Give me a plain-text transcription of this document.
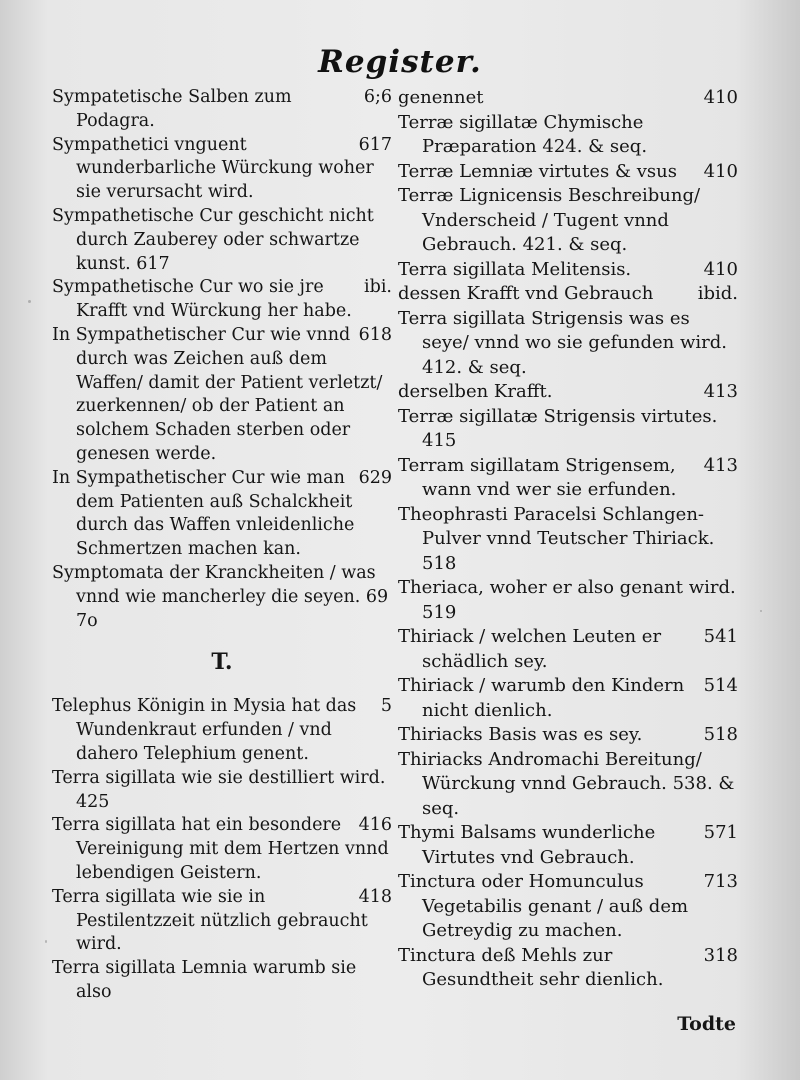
Register.

6;6
Sympatetische Salben zum Podagra.

617
Sympathetici vnguent wunderbarliche Würckung woher sie verursacht wird.

Sympathetische Cur geschicht nicht durch Zauberey oder schwartze kunst. 617

ibi.
Sympathetische Cur wo sie jre Krafft vnd Würckung her habe.

618
In Sympathetischer Cur wie vnnd durch was Zeichen auß dem Waffen/ damit der Patient verletzt/ zuerkennen/ ob der Patient an solchem Schaden sterben oder genesen werde.

629
In Sympathetischer Cur wie man dem Patienten auß Schalckheit durch das Waffen vnleidenliche Schmertzen machen kan.

Symptomata der Kranckheiten / was vnnd wie mancherley die seyen. 69 7o

T.

5
Telephus Königin in Mysia hat das Wundenkraut erfunden / vnd dahero Telephium genent.

Terra sigillata wie sie destilliert wird. 425

416
Terra sigillata hat ein besondere Vereinigung mit dem Hertzen vnnd lebendigen Geistern.

418
Terra sigillata wie sie in Pestilentzzeit nützlich gebraucht wird.

Terra sigillata Lemnia warumb sie also

410
genennet

Terræ sigillatæ Chymische Præparation 424. & seq.

410
Terræ Lemniæ virtutes & vsus

Terræ Lignicensis Beschreibung/ Vnderscheid / Tugent vnnd Gebrauch. 421. & seq.

410
Terra sigillata Melitensis.

ibid.
dessen Krafft vnd Gebrauch

Terra sigillata Strigensis was es seye/ vnnd wo sie gefunden wird. 412. & seq.

413
derselben Krafft.

Terræ sigillatæ Strigensis virtutes. 415

413
Terram sigillatam Strigensem, wann vnd wer sie erfunden.

Theophrasti Paracelsi Schlangen-Pulver vnnd Teutscher Thiriack. 518

Theriaca, woher er also genant wird. 519

541
Thiriack / welchen Leuten er schädlich sey.

514
Thiriack / warumb den Kindern nicht dienlich.

518
Thiriacks Basis was es sey.

Thiriacks Andromachi Bereitung/ Würckung vnnd Gebrauch. 538. & seq.

571
Thymi Balsams wunderliche Virtutes vnd Gebrauch.

713
Tinctura oder Homunculus Vegetabilis genant / auß dem Getreydig zu machen.

318
Tinctura deß Mehls zur Gesundtheit sehr dienlich.

Todte
